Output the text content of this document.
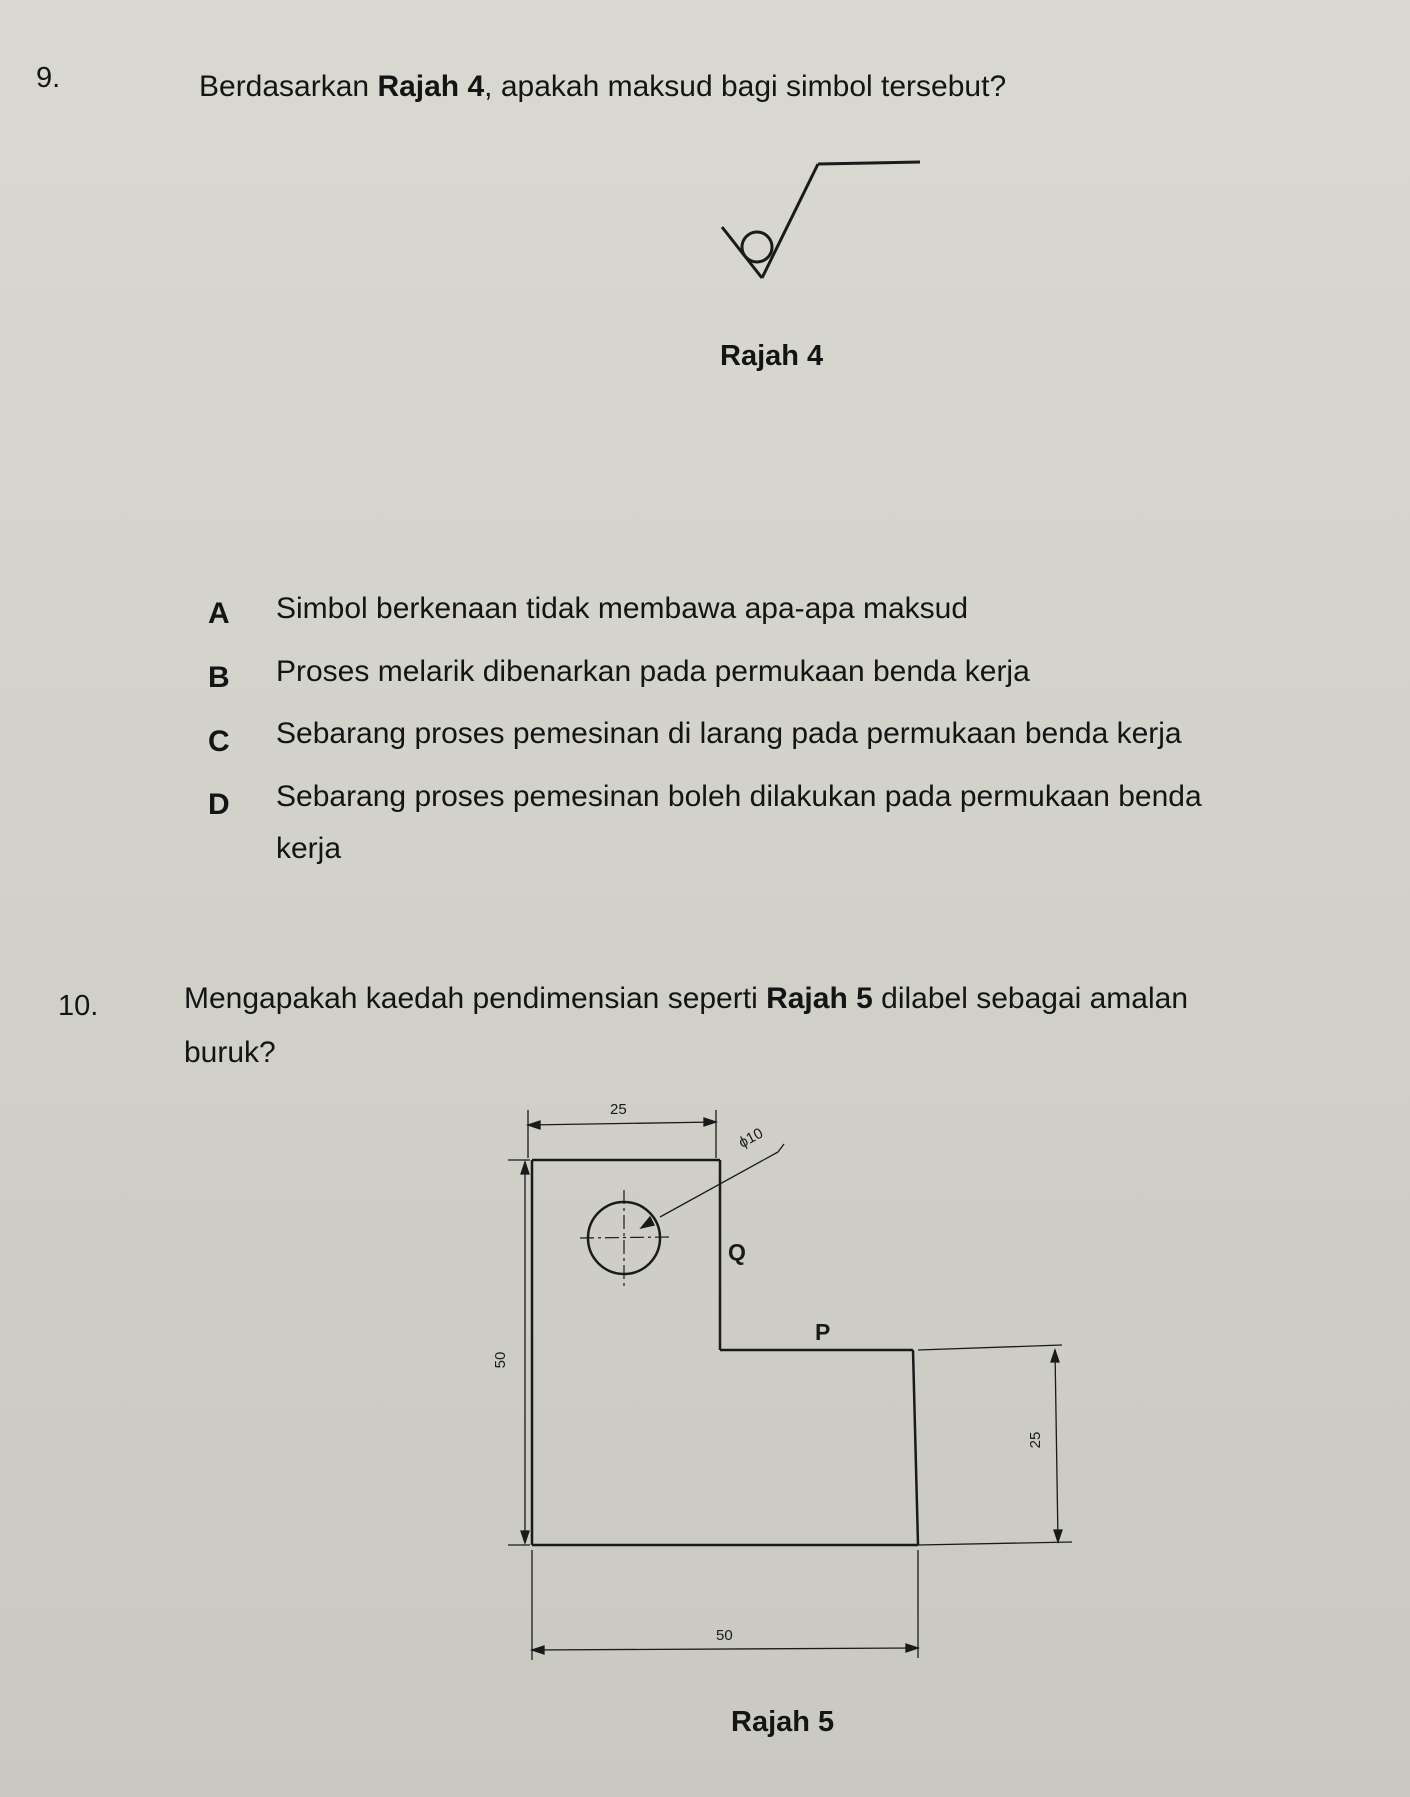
9.	Berdasarkan Rajah 4, apakah maksud bagi simbol tersebut?
Rajah 4
A Simbol berkenaan tidak membawa apa-apa maksud
B Proses melarik dibenarkan pada permukaan benda kerja
C Sebarang proses pemesinan di larang pada permukaan benda kerja
D Sebarang proses pemesinan boleh dilakukan pada permukaan benda
kerja
10.	Mengapakah kaedah pendimensian seperti Rajah 5 dilabel sebagai amalan
buruk?
25
ϕ10
50
25
50
Q
P
Rajah 5
